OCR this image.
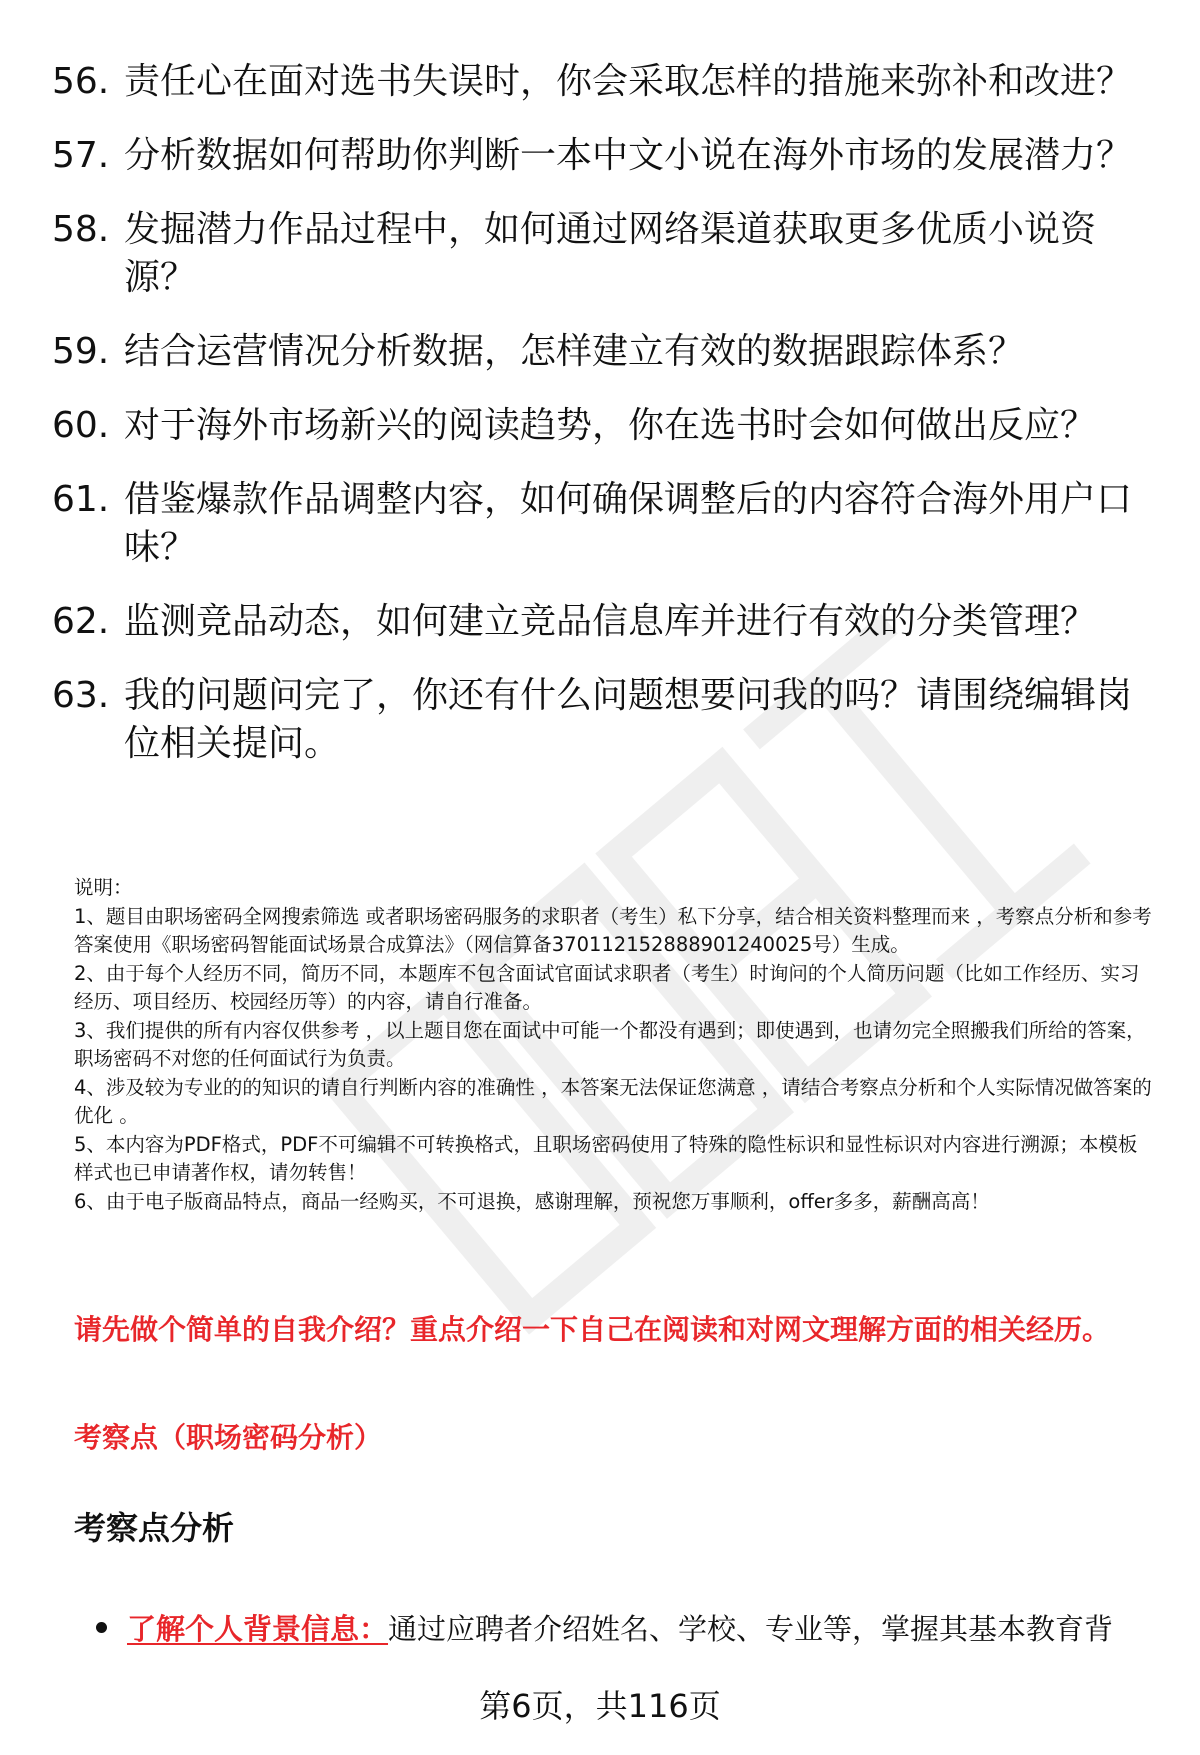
56. 责任心在面对选书失误时，你会采取怎样的措施来弥补和改进？
57. 分析数据如何帮助你判断一本中文小说在海外市场的发展潜力？
58. 发掘潜力作品过程中，如何通过网络渠道获取更多优质小说资源？
59. 结合运营情况分析数据，怎样建立有效的数据跟踪体系？
60. 对于海外市场新兴的阅读趋势，你在选书时会如何做出反应？
61. 借鉴爆款作品调整内容，如何确保调整后的内容符合海外用户口味？
62. 监测竞品动态，如何建立竞品信息库并进行有效的分类管理？
63. 我的问题问完了，你还有什么问题想要问我的吗？请围绕编辑岗位相关提问。

说明：

1、题目由职场密码全网搜索筛选 或者职场密码服务的求职者（考生）私下分享，结合相关资料整理而来 ，考察点分析和参考答案使用《职场密码智能面试场景合成算法》（网信算备370112152888901240025号）生成。

2、由于每个人经历不同，简历不同，本题库不包含面试官面试求职者（考生）时询问的个人简历问题（比如工作经历、实习经历、项目经历、校园经历等）的内容，请自行准备。

3、我们提供的所有内容仅供参考 ，以上题目您在面试中可能一个都没有遇到；即使遇到，也请勿完全照搬我们所给的答案，职场密码不对您的任何面试行为负责。

4、涉及较为专业的的知识的请自行判断内容的准确性 ，本答案无法保证您满意 ，请结合考察点分析和个人实际情况做答案的优化 。

5、本内容为PDF格式，PDF不可编辑不可转换格式，且职场密码使用了特殊的隐性标识和显性标识对内容进行溯源；本模板样式也已申请著作权，请勿转售！

6、由于电子版商品特点，商品一经购买，不可退换，感谢理解，预祝您万事顺利，offer多多，薪酬高高！

请先做个简单的自我介绍？重点介绍一下自己在阅读和对网文理解方面的相关经历。

考察点（职场密码分析）

考察点分析
了解个人背景信息： 通过应聘者介绍姓名、学校、专业等，掌握其基本教育背
第6页，共116页
